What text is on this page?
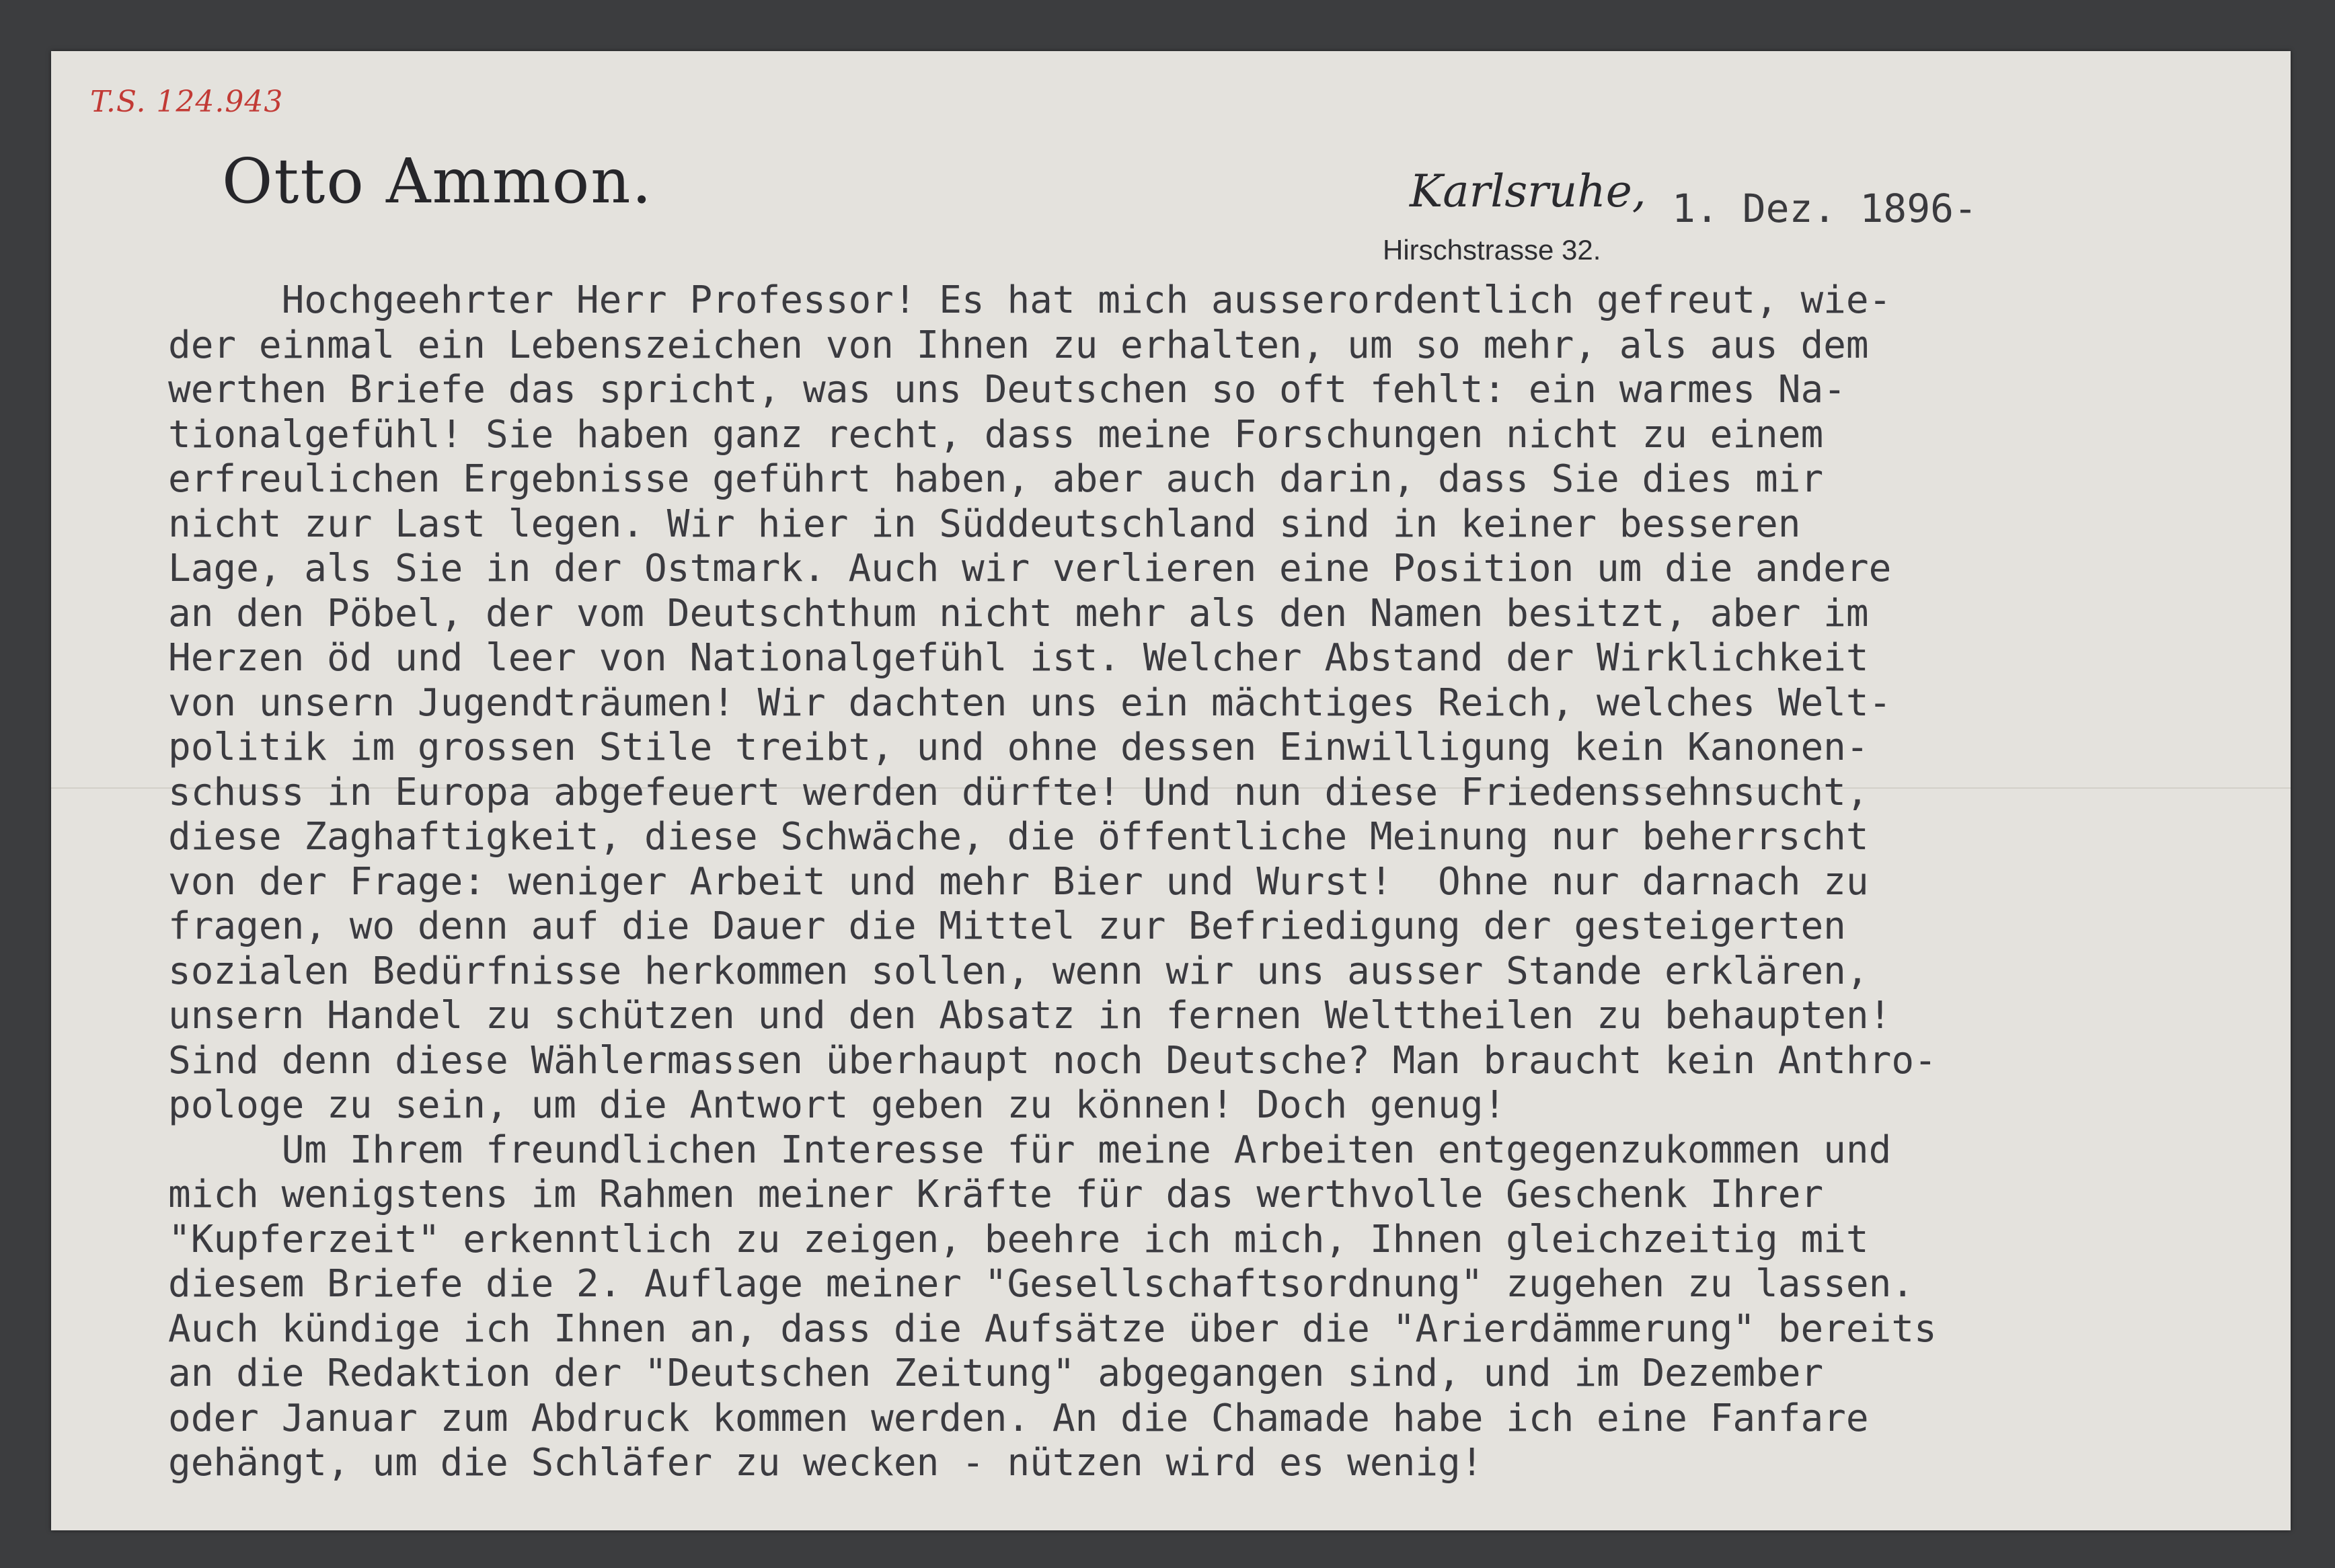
T.S. 124.943
Otto Ammon.	Karlsruhe, 1. Dez. 1896-
Hirschstrasse 32.
Hochgeehrter Herr Professor! Es hat mich ausserordentlich gefreut, wie-
der einmal ein Lebenszeichen von Ihnen zu erhalten, um so mehr, als aus dem
werthen Briefe das spricht, was uns Deutschen so oft fehlt: ein warmes Na-
tionalgefühl! Sie haben ganz recht, dass meine Forschungen nicht zu einem
erfreulichen Ergebnisse geführt haben, aber auch darin, dass Sie dies mir
nicht zur Last legen. Wir hier in Süddeutschland sind in keiner besseren
Lage, als Sie in der Ostmark. Auch wir verlieren eine Position um die andere
an den Pöbel, der vom Deutschthum nicht mehr als den Namen besitzt, aber im
Herzen öd und leer von Nationalgefühl ist. Welcher Abstand der Wirklichkeit
von unsern Jugendträumen! Wir dachten uns ein mächtiges Reich, welches Welt-
politik im grossen Stile treibt, und ohne dessen Einwilligung kein Kanonen-
schuss in Europa abgefeuert werden dürfte! Und nun diese Friedenssehnsucht,
diese Zaghaftigkeit, diese Schwäche, die öffentliche Meinung nur beherrscht
von der Frage: weniger Arbeit und mehr Bier und Wurst!  Ohne nur darnach zu
fragen, wo denn auf die Dauer die Mittel zur Befriedigung der gesteigerten
sozialen Bedürfnisse herkommen sollen, wenn wir uns ausser Stande erklären,
unsern Handel zu schützen und den Absatz in fernen Welttheilen zu behaupten!
Sind denn diese Wählermassen überhaupt noch Deutsche? Man braucht kein Anthro-
pologe zu sein, um die Antwort geben zu können! Doch genug!
Um Ihrem freundlichen Interesse für meine Arbeiten entgegenzukommen und
mich wenigstens im Rahmen meiner Kräfte für das werthvolle Geschenk Ihrer
"Kupferzeit" erkenntlich zu zeigen, beehre ich mich, Ihnen gleichzeitig mit
diesem Briefe die 2. Auflage meiner "Gesellschaftsordnung" zugehen zu lassen.
Auch kündige ich Ihnen an, dass die Aufsätze über die "Arierdämmerung" bereits
an die Redaktion der "Deutschen Zeitung" abgegangen sind, und im Dezember
oder Januar zum Abdruck kommen werden. An die Chamade habe ich eine Fanfare
gehängt, um die Schläfer zu wecken - nützen wird es wenig!
